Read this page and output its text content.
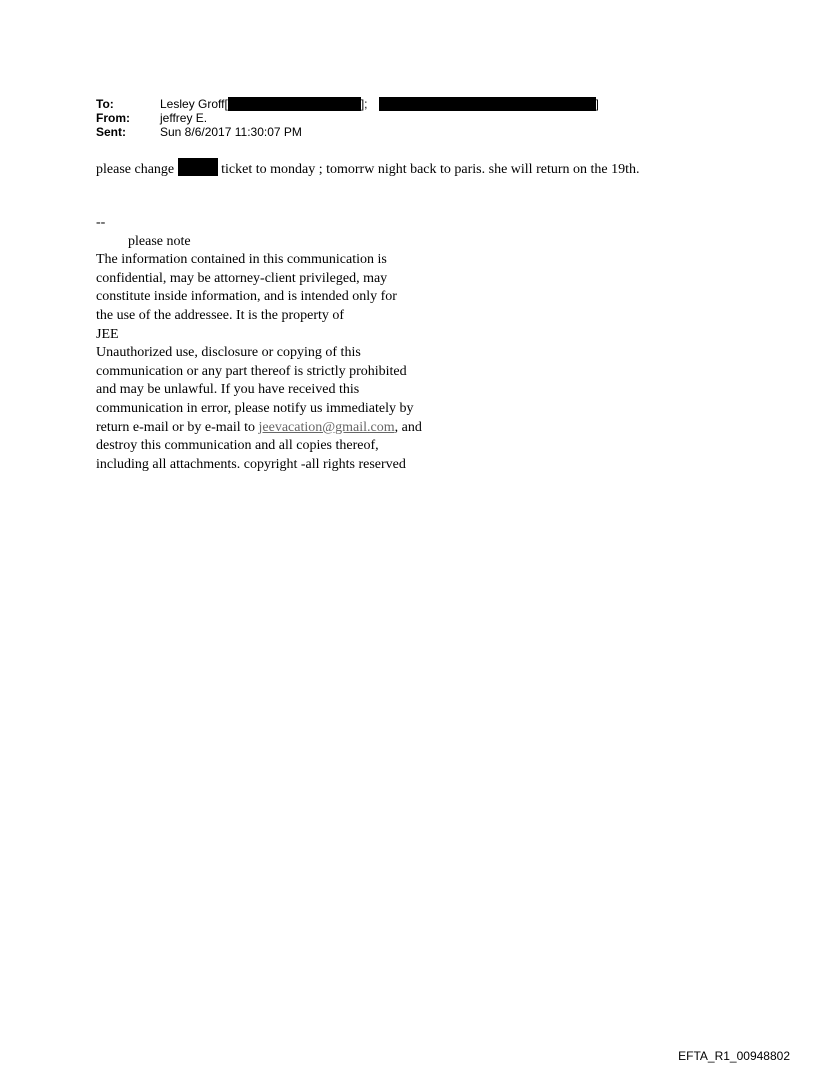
To:	Lesley Groff [	];	]
From:	jeffrey E.
Sent:	Sun 8/6/2017 11:30:07 PM

please change	ticket to monday ; tomorrw night back to paris. she will return on the 19th.

--
please note
The information contained in this communication is
confidential, may be attorney-client privileged, may
constitute inside information, and is intended only for
the use of the addressee. It is the property of
JEE
Unauthorized use, disclosure or copying of this
communication or any part thereof is strictly prohibited
and may be unlawful. If you have received this
communication in error, please notify us immediately by
return e-mail or by e-mail to jeevacation@gmail.com, and
destroy this communication and all copies thereof,
including all attachments. copyright -all rights reserved
EFTA_R1_00948802
